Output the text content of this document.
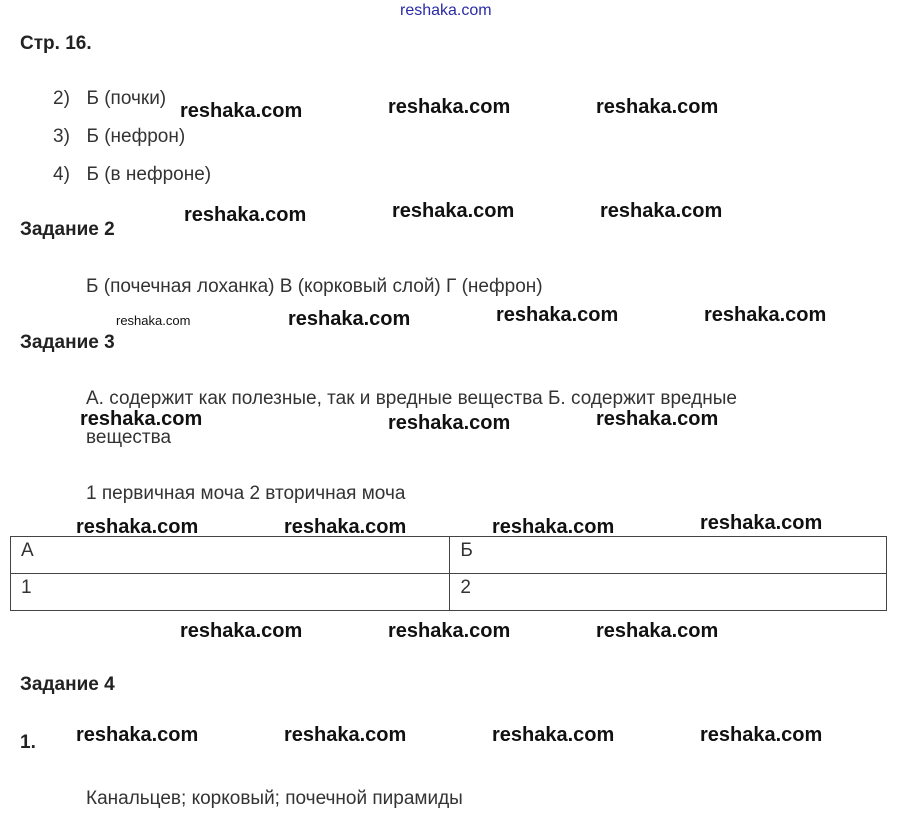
reshaka.com
Стр. 16.
2) Б (почки)
3) Б (нефрон)
4) Б (в нефроне)
Задание 2
Б (почечная лоханка) В (корковый слой) Г (нефрон)
Задание 3
А. содержит как полезные, так и вредные вещества Б. содержит вредные
вещества
1 первичная моча 2 вторичная моча
А	Б
1	2
Задание 4
1.
Канальцев; корковый; почечной пирамиды
reshaka.com	reshaka.com	reshaka.com
reshaka.com	reshaka.com	reshaka.com
reshaka.com	reshaka.com	reshaka.com	reshaka.com
reshaka.com	reshaka.com	reshaka.com
reshaka.com	reshaka.com	reshaka.com	reshaka.com
reshaka.com	reshaka.com	reshaka.com
reshaka.com	reshaka.com	reshaka.com	reshaka.com
